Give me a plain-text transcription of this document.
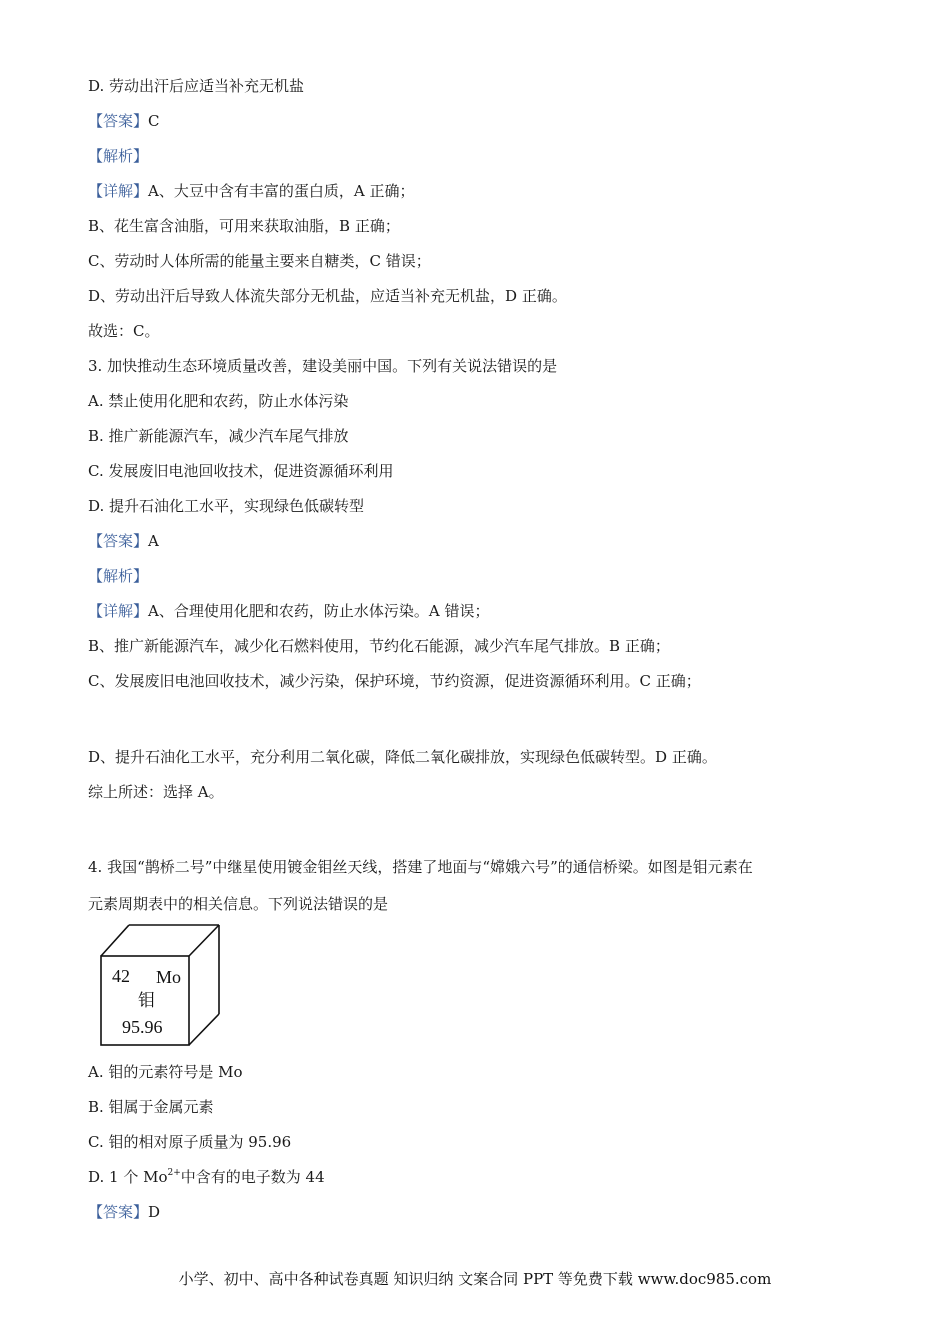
D. 劳动出汗后应适当补充无机盐
【答案】C
【解析】
【详解】A、大豆中含有丰富的蛋白质，A 正确；
B、花生富含油脂，可用来获取油脂，B 正确；
C、劳动时人体所需的能量主要来自糖类，C 错误；
D、劳动出汗后导致人体流失部分无机盐，应适当补充无机盐，D 正确。
故选：C。
3. 加快推动生态环境质量改善，建设美丽中国。下列有关说法错误的是
A. 禁止使用化肥和农药，防止水体污染
B. 推广新能源汽车，减少汽车尾气排放
C. 发展废旧电池回收技术，促进资源循环利用
D. 提升石油化工水平，实现绿色低碳转型
【答案】A
【解析】
【详解】A、合理使用化肥和农药，防止水体污染。A 错误；
B、推广新能源汽车，减少化石燃料使用，节约化石能源，减少汽车尾气排放。B 正确；
C、发展废旧电池回收技术，减少污染，保护环境，节约资源，促进资源循环利用。C 正确；
D、提升石油化工水平，充分利用二氧化碳，降低二氧化碳排放，实现绿色低碳转型。D 正确。
综上所述：选择 A。
4. 我国“鹊桥二号”中继星使用镀金钼丝天线，搭建了地面与“嫦娥六号”的通信桥梁。如图是钼元素在
元素周期表中的相关信息。下列说法错误的是
42 Mo
钼
95.96
A. 钼的元素符号是 Mo
B. 钼属于金属元素
C. 钼的相对原子质量为 95.96
D. 1 个 $Mo^{2+}$中含有的电子数为 44
【答案】D
小学、初中、高中各种试卷真题 知识归纳 文案合同 PPT 等免费下载 www.doc985.com
